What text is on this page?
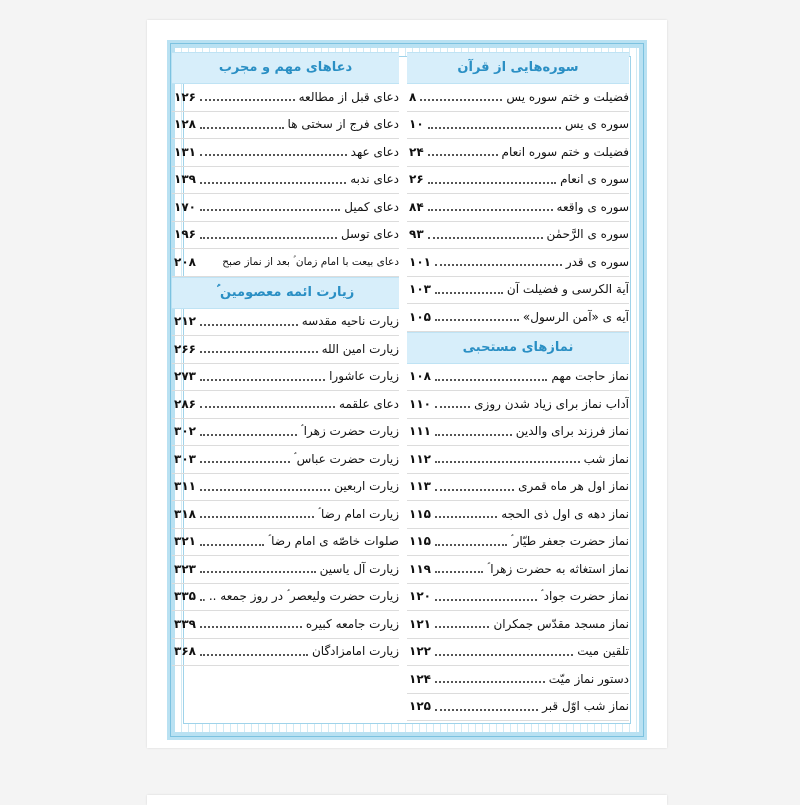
سوره‌هایی از قرآن
فضیلت و ختم سوره یس
۸
سوره ی یس
۱۰
فضیلت و ختم سوره انعام
۲۴
سوره ی انعام
۲۶
سوره ی واقعه
۸۴
سوره ی الرَّحمٰن
۹۳
سوره ی قدر
۱۰۱
آیة الکرسی و فضیلت آن
۱۰۳
آیه ی «آمن الرسول»
۱۰۵
نمازهای مستحبی
نماز حاجت مهم
۱۰۸
آداب نماز برای زیاد شدن روزی
۱۱۰
نماز فرزند برای والدین
۱۱۱
نماز شب
۱۱۲
نماز اول هر ماه قمری
۱۱۳
نماز دهه ی اول ذی الحجه
۱۱۵
نماز حضرت جعفر طیّار ؑ
۱۱۵
نماز استغاثه به حضرت زهرا ؑ
۱۱۹
نماز حضرت جواد ؑ
۱۲۰
نماز مسجد مقدّس جمکران
۱۲۱
تلقین میت
۱۲۲
دستور نماز میّت
۱۲۴
نماز شب اوّل قبر
۱۲۵
دعاهای مهم و مجرب
دعای قبل از مطالعه
۱۲۶
دعای فرج از سختی ها
۱۲۸
دعای عهد
۱۳۱
دعای ندبه
۱۳۹
دعای کمیل
۱۷۰
دعای توسل
۱۹۶
دعای بیعت با امام زمان ؑ بعد از نماز صبح
۲۰۸
زیارت ائمه معصومین ؑ
زیارت ناحیه مقدسه
۲۱۲
زیارت امین الله
۲۶۶
زیارت عاشورا
۲۷۳
دعای علقمه
۲۸۶
زیارت حضرت زهرا ؑ
۳۰۲
زیارت حضرت عباس ؑ
۳۰۳
زیارت اربعین
۳۱۱
زیارت امام رضا ؑ
۳۱۸
صلوات خاصّه ی امام رضا ؑ
۳۲۱
زیارت آل یاسین
۳۲۳
زیارت حضرت ولیعصر ؑ در روز جمعه ..
۳۳۵
زیارت جامعه کبیره
۳۳۹
زیارت امامزادگان
۳۶۸
